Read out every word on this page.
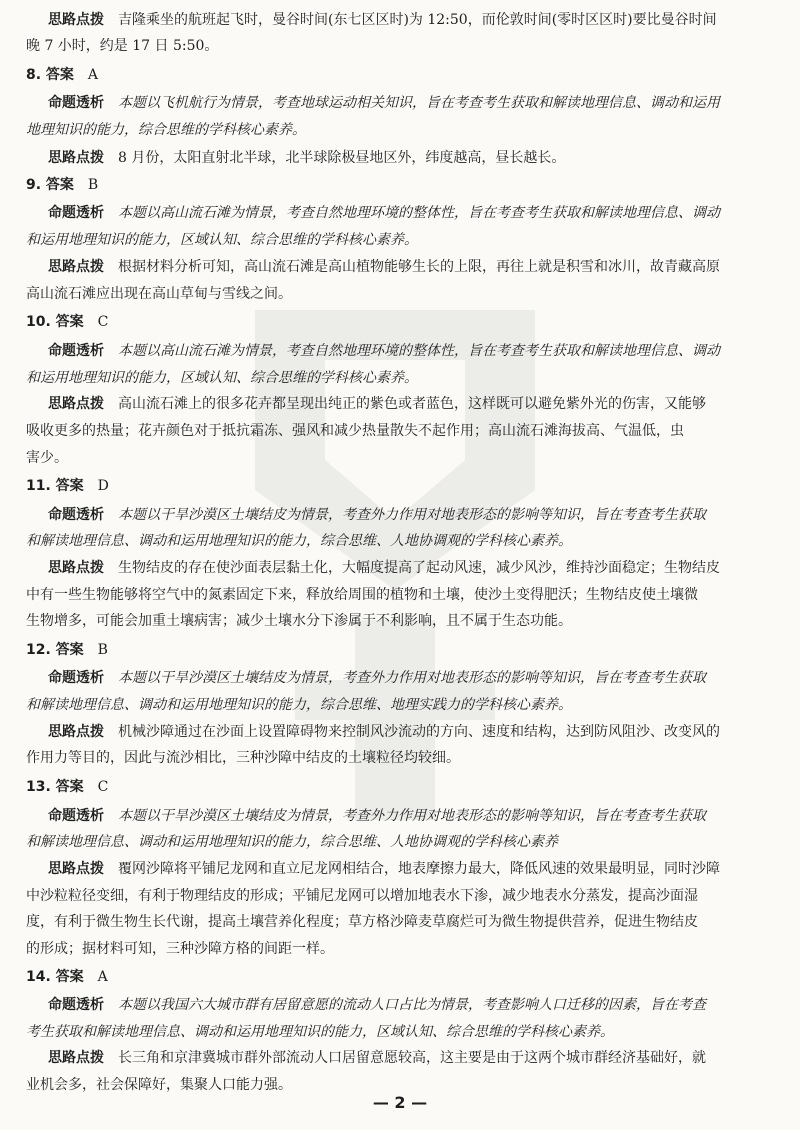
思路点拨　吉隆乘坐的航班起飞时，曼谷时间(东七区区时)为 12:50，而伦敦时间(零时区区时)要比曼谷时间
晚 7 小时，约是 17 日 5:50。
8. 答案　A
命题透析　本题以飞机航行为情景，考查地球运动相关知识，旨在考查考生获取和解读地理信息、调动和运用
地理知识的能力，综合思维的学科核心素养。
思路点拨　8 月份，太阳直射北半球，北半球除极昼地区外，纬度越高，昼长越长。
9. 答案　B
命题透析　本题以高山流石滩为情景，考查自然地理环境的整体性，旨在考查考生获取和解读地理信息、调动
和运用地理知识的能力，区域认知、综合思维的学科核心素养。
思路点拨　根据材料分析可知，高山流石滩是高山植物能够生长的上限，再往上就是积雪和冰川，故青藏高原
高山流石滩应出现在高山草甸与雪线之间。
10. 答案　C
命题透析　本题以高山流石滩为情景，考查自然地理环境的整体性，旨在考查考生获取和解读地理信息、调动
和运用地理知识的能力，区域认知、综合思维的学科核心素养。
思路点拨　高山流石滩上的很多花卉都呈现出纯正的紫色或者蓝色，这样既可以避免紫外光的伤害，又能够
吸收更多的热量；花卉颜色对于抵抗霜冻、强风和减少热量散失不起作用；高山流石滩海拔高、气温低，虫
害少。
11. 答案　D
命题透析　本题以干旱沙漠区土壤结皮为情景，考查外力作用对地表形态的影响等知识，旨在考查考生获取
和解读地理信息、调动和运用地理知识的能力，综合思维、人地协调观的学科核心素养。
思路点拨　生物结皮的存在使沙面表层黏土化，大幅度提高了起动风速，减少风沙，维持沙面稳定；生物结皮
中有一些生物能够将空气中的氮素固定下来，释放给周围的植物和土壤，使沙土变得肥沃；生物结皮使土壤微
生物增多，可能会加重土壤病害；减少土壤水分下渗属于不利影响，且不属于生态功能。
12. 答案　B
命题透析　本题以干旱沙漠区土壤结皮为情景，考查外力作用对地表形态的影响等知识，旨在考查考生获取
和解读地理信息、调动和运用地理知识的能力，综合思维、地理实践力的学科核心素养。
思路点拨　机械沙障通过在沙面上设置障碍物来控制风沙流动的方向、速度和结构，达到防风阻沙、改变风的
作用力等目的，因此与流沙相比，三种沙障中结皮的土壤粒径均较细。
13. 答案　C
命题透析　本题以干旱沙漠区土壤结皮为情景，考查外力作用对地表形态的影响等知识，旨在考查考生获取
和解读地理信息、调动和运用地理知识的能力，综合思维、人地协调观的学科核心素养
思路点拨　覆网沙障将平铺尼龙网和直立尼龙网相结合，地表摩擦力最大，降低风速的效果最明显，同时沙障
中沙粒粒径变细，有利于物理结皮的形成；平铺尼龙网可以增加地表水下渗，减少地表水分蒸发，提高沙面湿
度，有利于微生物生长代谢，提高土壤营养化程度；草方格沙障麦草腐烂可为微生物提供营养，促进生物结皮
的形成；据材料可知，三种沙障方格的间距一样。
14. 答案　A
命题透析　本题以我国六大城市群有居留意愿的流动人口占比为情景，考查影响人口迁移的因素，旨在考查
考生获取和解读地理信息、调动和运用地理知识的能力，区域认知、综合思维的学科核心素养。
思路点拨　长三角和京津冀城市群外部流动人口居留意愿较高，这主要是由于这两个城市群经济基础好，就
业机会多，社会保障好，集聚人口能力强。
— 2 —
